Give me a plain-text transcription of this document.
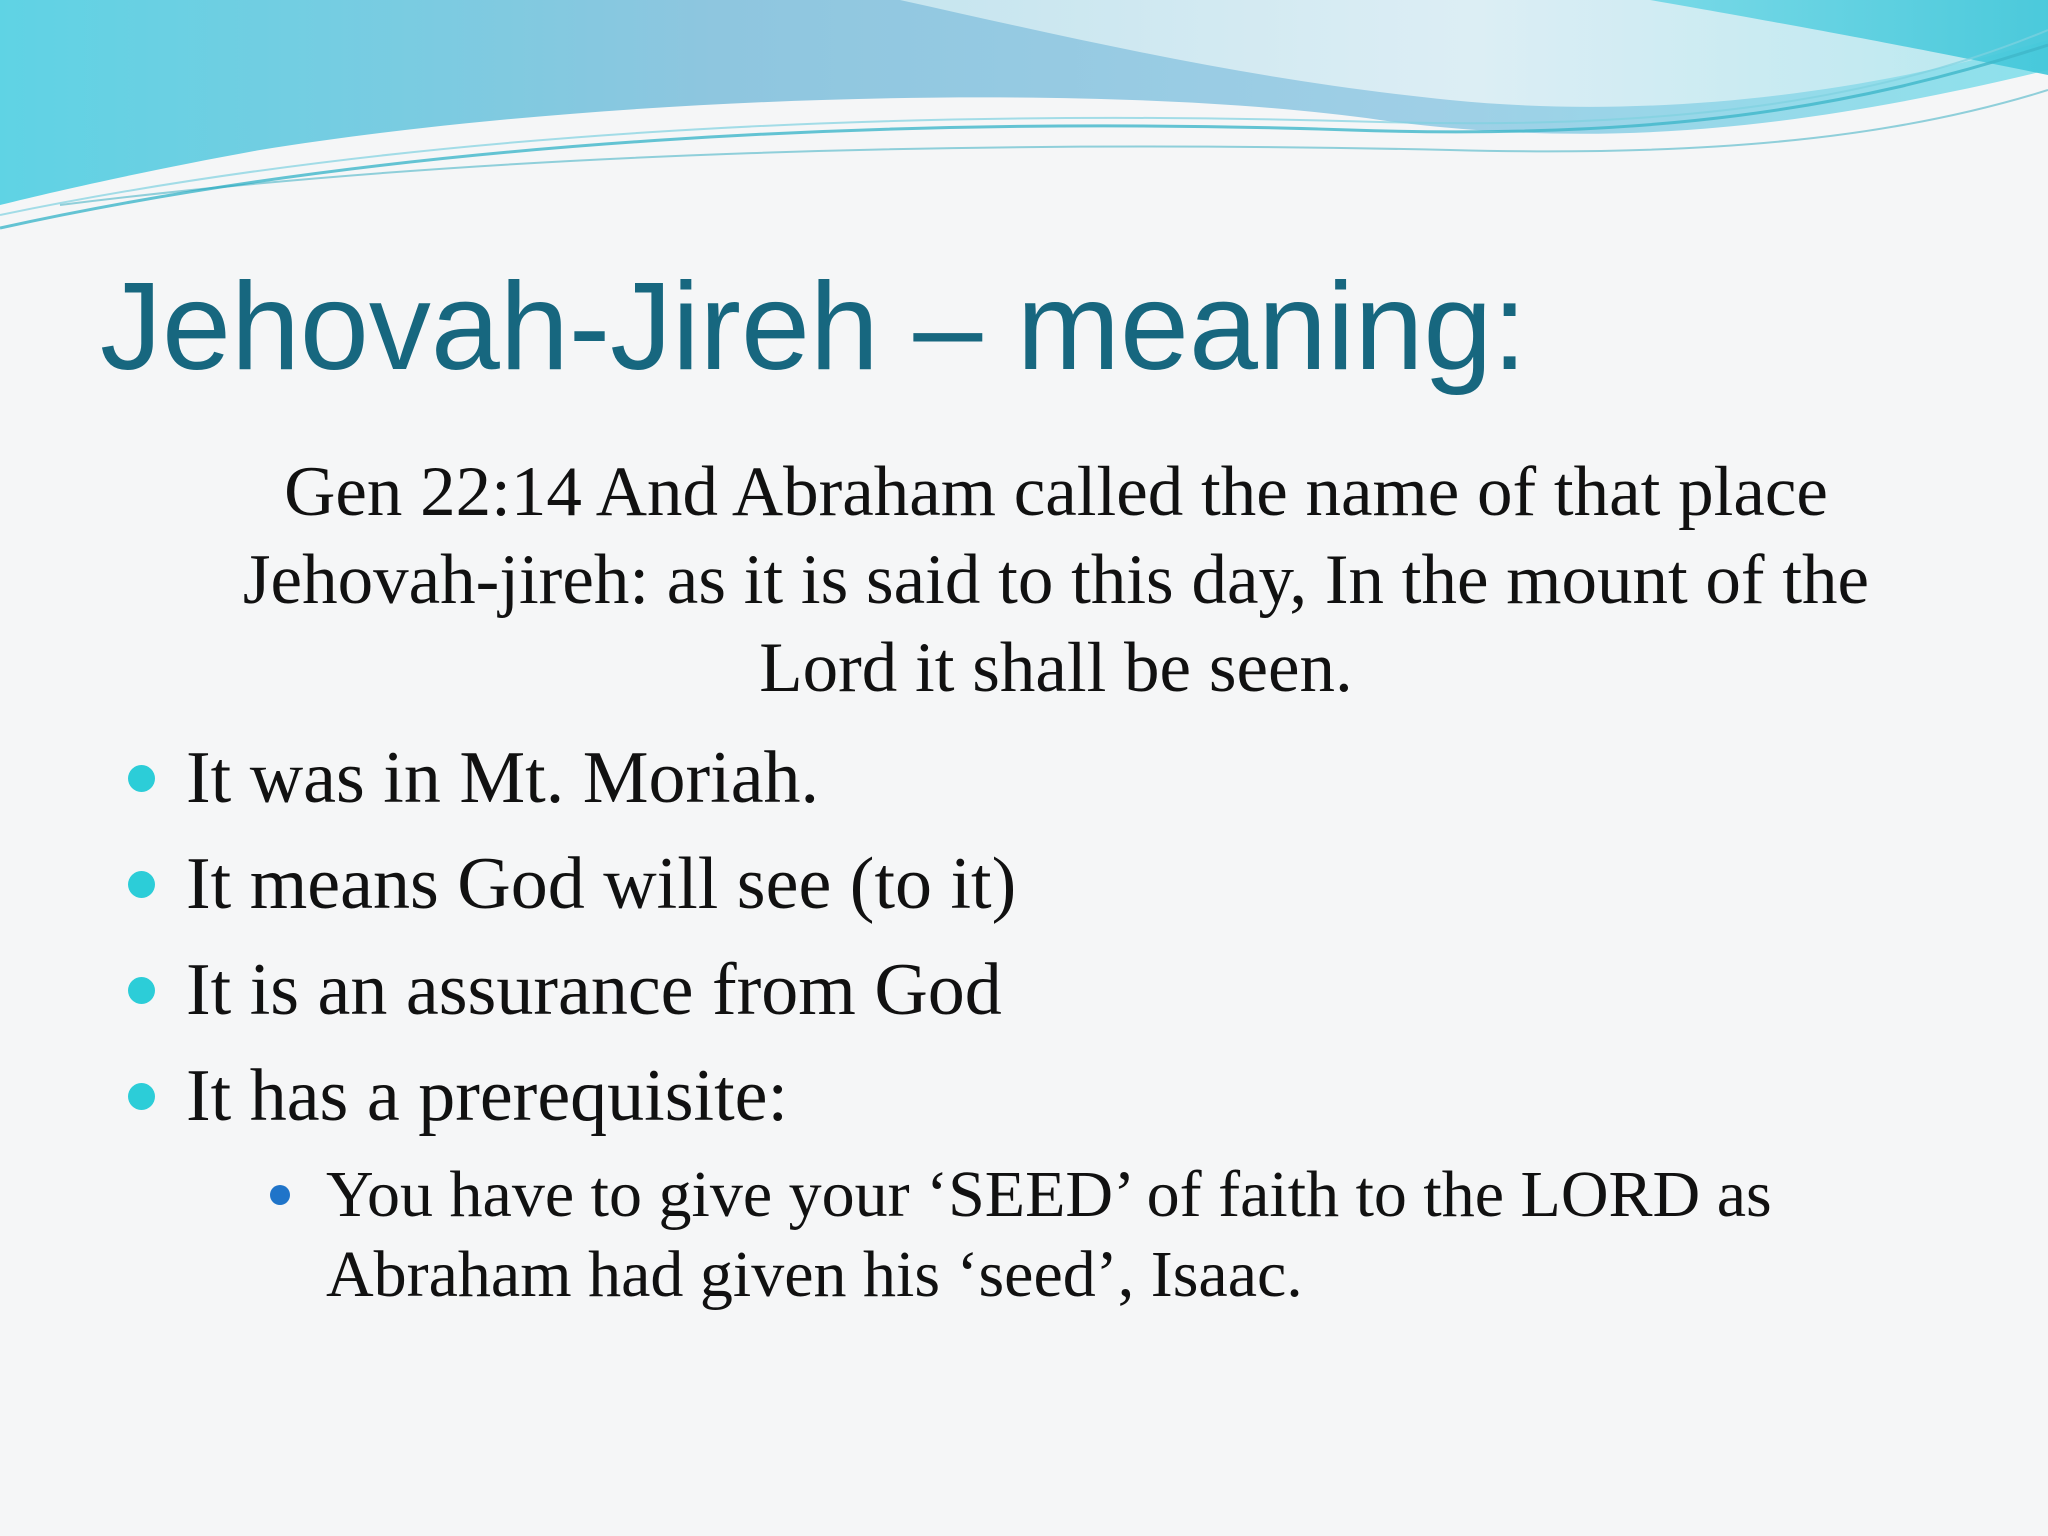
Jehovah-Jireh – meaning:

Gen 22:14 And Abraham called the name of that place Jehovah-jireh: as it is said to this day, In the mount of the Lord it shall be seen.

It was in Mt. Moriah.
It means God will see (to it)
It is an assurance from God
It has a prerequisite:
You have to give your ‘SEED’ of faith to the LORD as Abraham had given his ‘seed’, Isaac.
